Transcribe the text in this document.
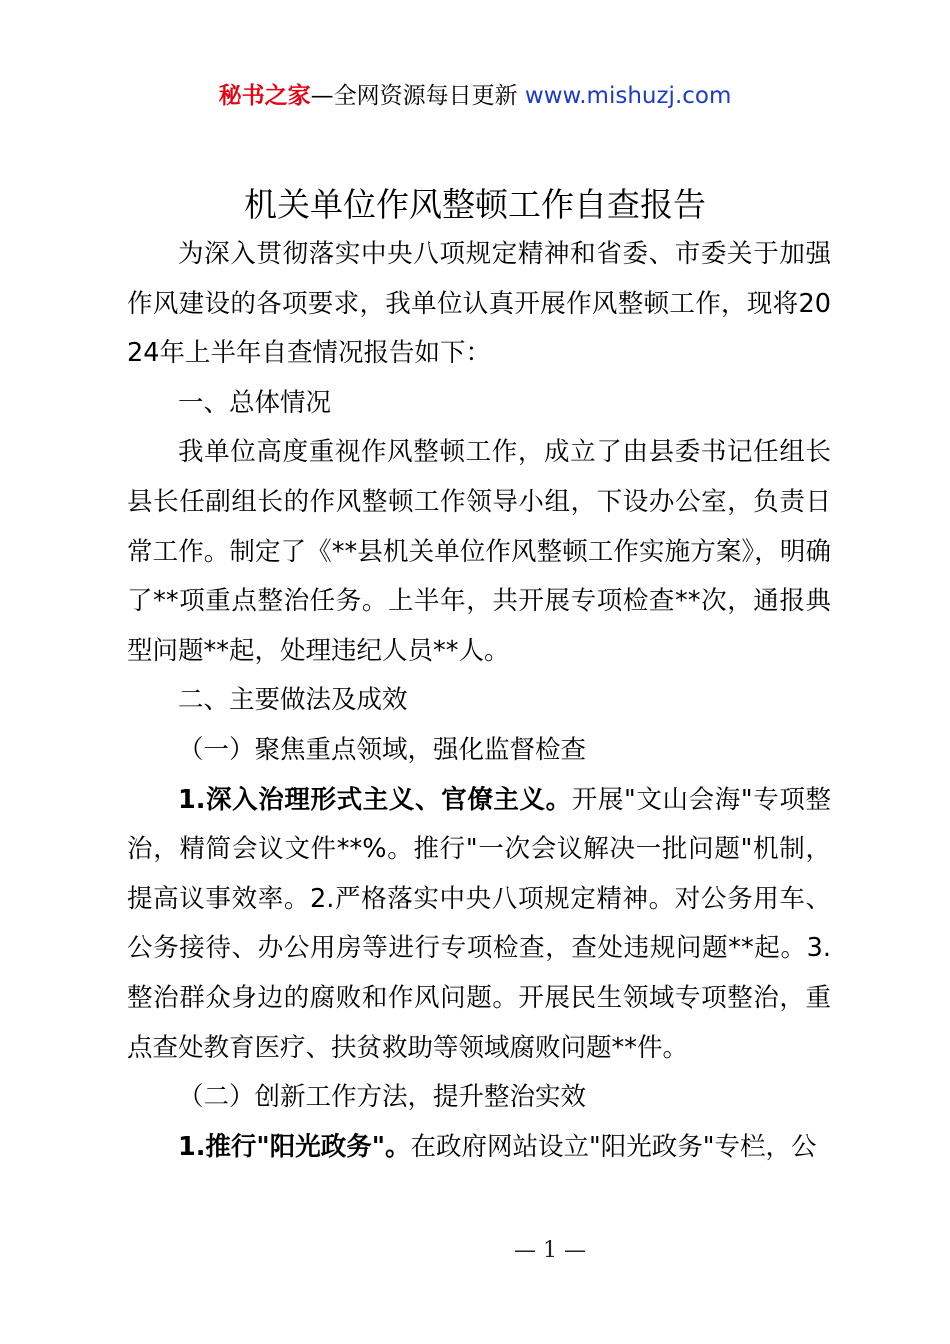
秘书之家—全网资源每日更新 www.mishuzj.com
机关单位作风整顿工作自查报告

为深入贯彻落实中央八项规定精神和省委、市委关于加强作风建设的各项要求，我单位认真开展作风整顿工作，现将2024年上半年自查情况报告如下：

一、总体情况

我单位高度重视作风整顿工作，成立了由县委书记任组长县长任副组长的作风整顿工作领导小组，下设办公室，负责日常工作。制定了《**县机关单位作风整顿工作实施方案》，明确了**项重点整治任务。上半年，共开展专项检查**次，通报典型问题**起，处理违纪人员**人。

二、主要做法及成效

（一）聚焦重点领域，强化监督检查

1.深入治理形式主义、官僚主义。开展"文山会海"专项整治，精简会议文件**%。推行"一次会议解决一批问题"机制，提高议事效率。2.严格落实中央八项规定精神。对公务用车、公务接待、办公用房等进行专项检查，查处违规问题**起。3.整治群众身边的腐败和作风问题。开展民生领域专项整治，重点查处教育医疗、扶贫救助等领域腐败问题**件。

（二）创新工作方法，提升整治实效

1.推行"阳光政务"。在政府网站设立"阳光政务"专栏，公

— 1 —
